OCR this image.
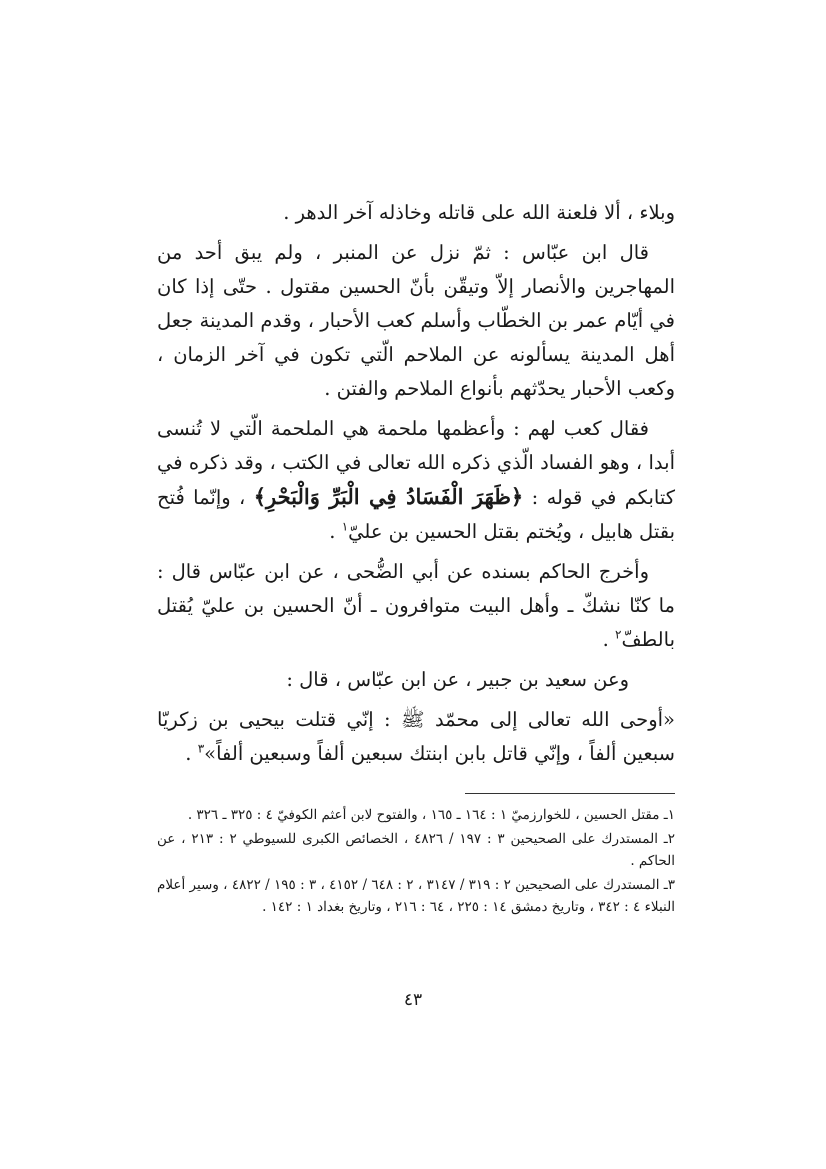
وبلاء ، ألا فلعنة الله على قاتله وخاذله آخر الدهر .

قال ابن عبّاس : ثمّ نزل عن المنبر ، ولم يبق أحد من المهاجرين والأنصار إلاّ وتيقّن بأنّ الحسين مقتول . حتّى إذا كان في أيّام عمر بن الخطّاب وأسلم كعب الأحبار ، وقدم المدينة جعل أهل المدينة يسألونه عن الملاحم الّتي تكون في آخر الزمان ، وكعب الأحبار يحدّثهم بأنواع الملاحم والفتن .

فقال كعب لهم : وأعظمها ملحمة هي الملحمة الّتي لا تُنسى أبدا ، وهو الفساد الّذي ذكره الله تعالى في الكتب ، وقد ذكره في كتابكم في قوله : ﴿ظَهَرَ الْفَسَادُ فِي الْبَرِّ وَالْبَحْرِ﴾ ، وإنّما فُتح بقتل هابيل ، ويُختم بقتل الحسين بن عليّ$^١$ .

وأخرج الحاكم بسنده عن أبي الضُّحى ، عن ابن عبّاس قال : ما كنّا نشكّ ـ وأهل البيت متوافرون ـ أنّ الحسين بن عليّ يُقتل بالطفّ$^٢$ .

وعن سعيد بن جبير ، عن ابن عبّاس ، قال :

«أوحى الله تعالى إلى محمّد ﷺ : إنّي قتلت بيحيى بن زكريّا سبعين ألفاً ، وإنّي قاتل بابن ابنتك سبعين ألفاً وسبعين ألفاً»$^٣$ .

١ـ مقتل الحسين ، للخوارزميّ ١ : ١٦٤ ـ ١٦٥ ، والفتوح لابن أعثم الكوفيّ ٤ : ٣٢٥ ـ ٣٢٦ .

٢ـ المستدرك على الصحيحين ٣ : ١٩٧ / ٤٨٢٦ ، الخصائص الكبرى للسيوطي ٢ : ٢١٣ ، عن الحاكم .

٣ـ المستدرك على الصحيحين ٢ : ٣١٩ / ٣١٤٧ ، ٢ : ٦٤٨ / ٤١٥٢ ، ٣ : ١٩٥ / ٤٨٢٢ ، وسير أعلام النبلاء ٤ : ٣٤٢ ، وتاريخ دمشق ١٤ : ٢٢٥ ، ٦٤ : ٢١٦ ، وتاريخ بغداد ١ : ١٤٢ .

٤٣
